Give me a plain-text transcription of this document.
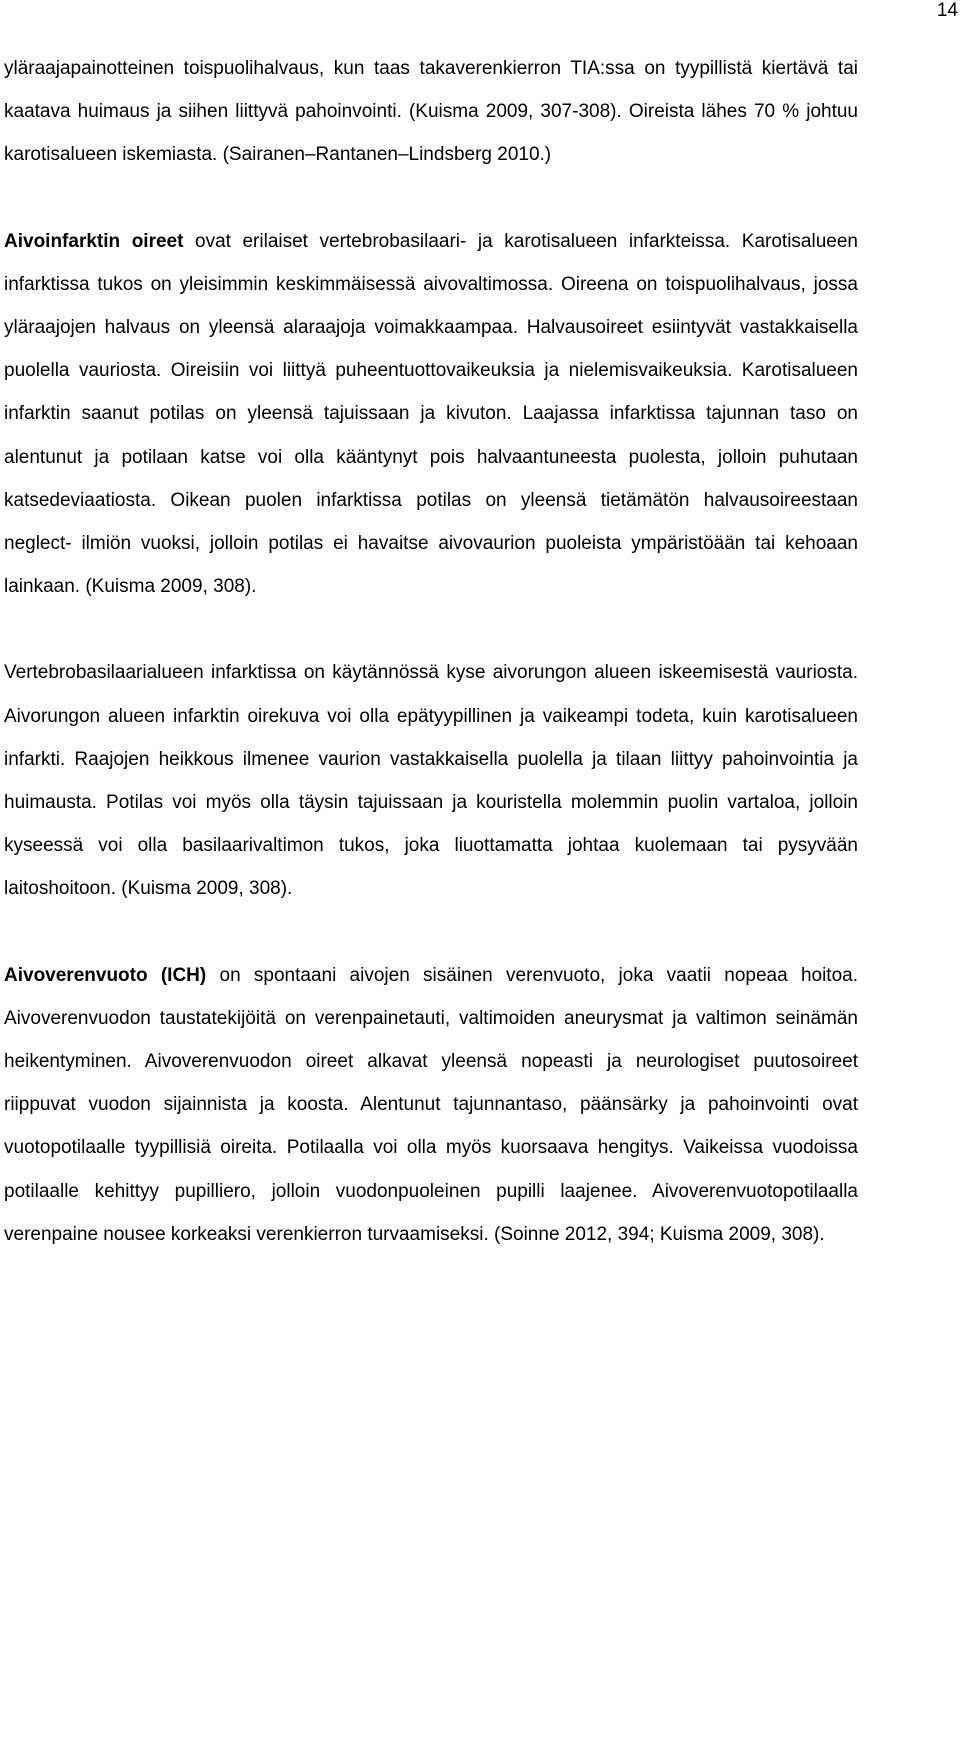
14

yläraajapainotteinen toispuolihalvaus, kun taas takaverenkierron TIA:ssa on tyypillistä kiertävä tai kaatava huimaus ja siihen liittyvä pahoinvointi. (Kuisma 2009, 307-308). Oireista lähes 70 % johtuu karotisalueen iskemiasta. (Sairanen–Rantanen–Lindsberg 2010.)

Aivoinfarktin oireet ovat erilaiset vertebrobasilaari- ja karotisalueen infarkteissa. Karotisalueen infarktissa tukos on yleisimmin keskimmäisessä aivovaltimossa. Oireena on toispuolihalvaus, jossa yläraajojen halvaus on yleensä alaraajoja voimakkaampaa. Halvausoireet esiintyvät vastakkaisella puolella vauriosta. Oireisiin voi liittyä puheentuottovaikeuksia ja nielemisvaikeuksia. Karotisalueen infarktin saanut potilas on yleensä tajuissaan ja kivuton. Laajassa infarktissa tajunnan taso on alentunut ja potilaan katse voi olla kääntynyt pois halvaantuneesta puolesta, jolloin puhutaan katsedeviaatiosta. Oikean puolen infarktissa potilas on yleensä tietämätön halvausoireestaan neglect- ilmiön vuoksi, jolloin potilas ei havaitse aivovaurion puoleista ympäristöään tai kehoaan lainkaan. (Kuisma 2009, 308).

Vertebrobasilaarialueen infarktissa on käytännössä kyse aivorungon alueen iskeemisestä vauriosta. Aivorungon alueen infarktin oirekuva voi olla epätyypillinen ja vaikeampi todeta, kuin karotisalueen infarkti. Raajojen heikkous ilmenee vaurion vastakkaisella puolella ja tilaan liittyy pahoinvointia ja huimausta. Potilas voi myös olla täysin tajuissaan ja kouristella molemmin puolin vartaloa, jolloin kyseessä voi olla basilaarivaltimon tukos, joka liuottamatta johtaa kuolemaan tai pysyvään laitoshoitoon. (Kuisma 2009, 308).

Aivoverenvuoto (ICH) on spontaani aivojen sisäinen verenvuoto, joka vaatii nopeaa hoitoa. Aivoverenvuodon taustatekijöitä on verenpainetauti, valtimoiden aneurysmat ja valtimon seinämän heikentyminen. Aivoverenvuodon oireet alkavat yleensä nopeasti ja neurologiset puutosoireet riippuvat vuodon sijainnista ja koosta. Alentunut tajunnantaso, päänsärky ja pahoinvointi ovat vuotopotilaalle tyypillisiä oireita. Potilaalla voi olla myös kuorsaava hengitys. Vaikeissa vuodoissa potilaalle kehittyy pupilliero, jolloin vuodonpuoleinen pupilli laajenee. Aivoverenvuotopotilaalla verenpaine nousee korkeaksi verenkierron turvaamiseksi. (Soinne 2012, 394; Kuisma 2009, 308).
